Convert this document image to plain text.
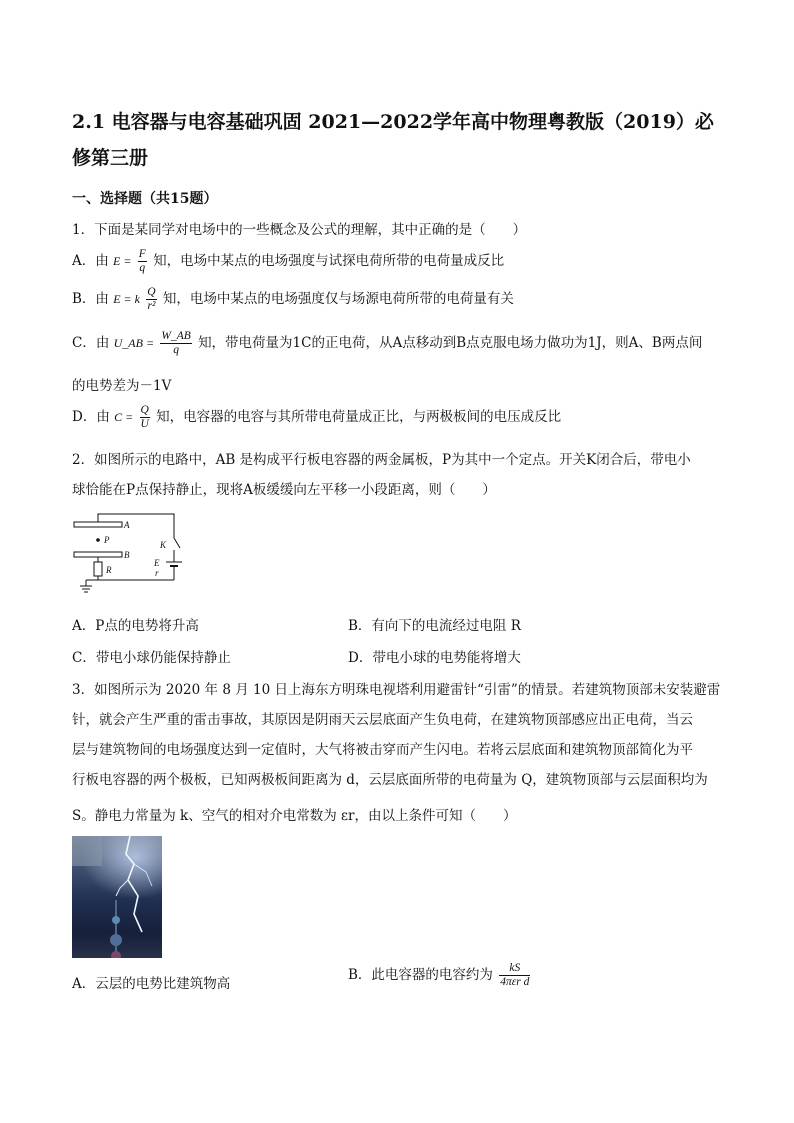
2.1 电容器与电容基础巩固 2021—2022学年高中物理粤教版（2019）必修第三册
一、选择题（共15题）
1．下面是某同学对电场中的一些概念及公式的理解，其中正确的是（　　）
A．由 $E = \frac{F}{q}$ 知，电场中某点的电场强度与试探电荷所带的电荷量成反比
B．由 E = k $\frac{Q}{\text{r²}}$ 知，电场中某点的电场强度仅与场源电荷所带的电荷量有关
C．由 U_AB = $\frac{W\_AB}{q}$ 知，带电荷量为1C的正电荷，从A点移动到B点克服电场力做功为1J，则A、B两点间
的电势差为－1V
D．由 $C = \frac{Q}{U}$ 知，电容器的电容与其所带电荷量成正比，与两极板间的电压成反比
2．如图所示的电路中，AB 是构成平行板电容器的两金属板，P为其中一个定点。开关K闭合后，带电小
球恰能在P点保持静止，现将A板缓缓向左平移一小段距离，则（　　）
A
B
P	K
R
E
r
A．P点的电势将升高	B．有向下的电流经过电阻 R
C．带电小球仍能保持静止	D．带电小球的电势能将增大
3．如图所示为 2020 年 8 月 10 日上海东方明珠电视塔利用避雷针“引雷”的情景。若建筑物顶部未安装避雷
针，就会产生严重的雷击事故，其原因是阴雨天云层底面产生负电荷，在建筑物顶部感应出正电荷，当云
层与建筑物间的电场强度达到一定值时，大气将被击穿而产生闪电。若将云层底面和建筑物顶部简化为平
行板电容器的两个极板，已知两极板间距离为 d，云层底面所带的电荷量为 Q，建筑物顶部与云层面积均为
S。静电力常量为 k、空气的相对介电常数为 εr，由以上条件可知（　　）
A．云层的电势比建筑物高
B．此电容器的电容约为 $\frac{kS}{\text{4πεr d}}$
